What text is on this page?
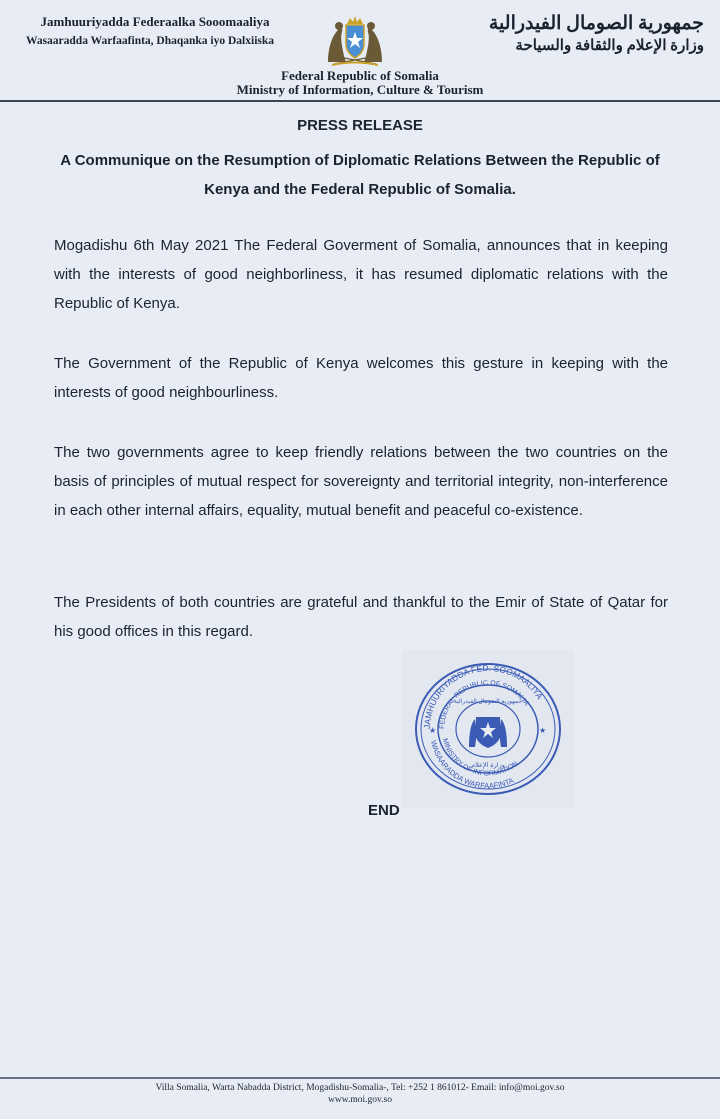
Jamhuuriyadda Federaalka Sooomaaliya
Wasaaradda Warfaafinta, Dhaqanka iyo Dalxiiska
جمهورية الصومال الفيدرالية
وزارة الإعلام والثقافة والسياحة
Federal Republic of Somalia
Ministry of Information, Culture & Tourism
PRESS RELEASE
A Communique on the Resumption of Diplomatic Relations Between the Republic of Kenya and the Federal Republic of Somalia.
Mogadishu 6th May 2021 The Federal Goverment of Somalia, announces that in keeping with the interests of good neighborliness, it has resumed diplomatic relations with the Republic of Kenya.
The Government of the Republic of Kenya welcomes this gesture in keeping with the interests of good neighbourliness.
The two governments agree to keep friendly relations between the two countries on the basis of principles of mutual respect for sovereignty and territorial integrity, non-interference in each other internal affairs, equality, mutual benefit and peaceful co-existence.
The Presidents of both countries are grateful and thankful to the Emir of State of Qatar for his good offices in this regard.
JAMHUURIYADDA FED. SOOMAALIYA
FEDERAL REPUBLIC OF SOMALIA
MINISTRY OF INFORMATION
WASAARADDA WARFAAFINTA
جمهورية الصومال الفيدرالية
وزارة الإعلام
★	★
END
Villa Somalia, Warta Nabadda District, Mogadishu-Somalia-, Tel: +252 1 861012- Email: info@moi.gov.so
www.moi.gov.so
